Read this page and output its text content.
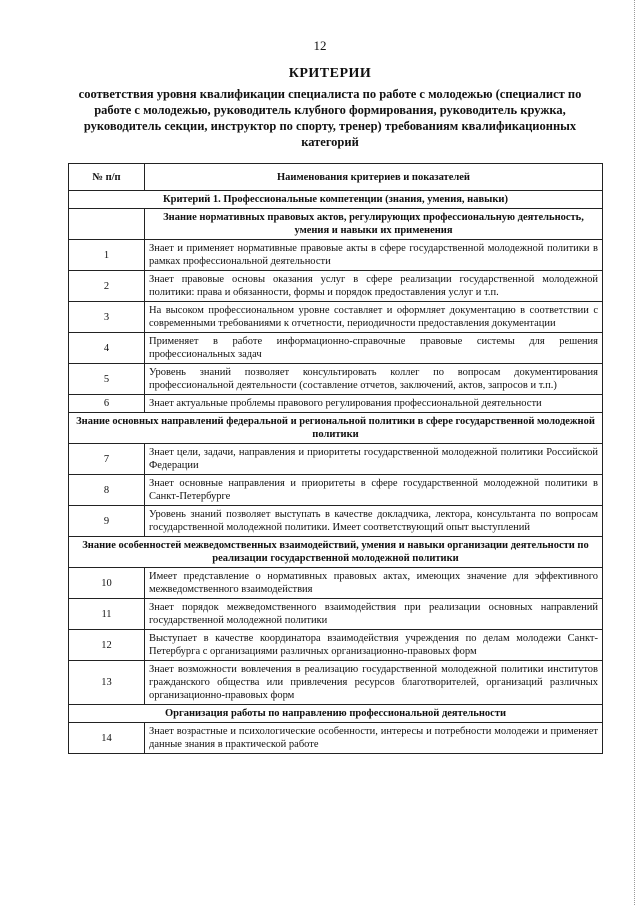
12
КРИТЕРИИ
соответствия уровня квалификации специалиста по работе с молодежью (специалист по работе с молодежью, руководитель клубного формирования, руководитель кружка, руководитель секции, инструктор по спорту, тренер) требованиям квалификационных категорий
№ п/п	Наименования критериев и показателей
Критерий 1. Профессиональные компетенции (знания, умения, навыки)	
	Знание нормативных правовых актов, регулирующих профессиональную деятельность, умения и навыки их применения
1	Знает и применяет нормативные правовые акты в сфере государственной молодежной политики в рамках профессиональной деятельности
2	Знает правовые основы оказания услуг в сфере реализации государственной молодежной политики: права и обязанности, формы и порядок предоставления услуг и т.п.
3	На высоком профессиональном уровне составляет и оформляет документацию в соответствии с современными требованиями к отчетности, периодичности предоставления документации
4	Применяет в работе информационно-справочные правовые системы для решения профессиональных задач
5	Уровень знаний позволяет консультировать коллег по вопросам документирования профессиональной деятельности (составление отчетов, заключений, актов, запросов и т.п.)
6	Знает актуальные проблемы правового регулирования профессиональной деятельности
Знание основных направлений федеральной и региональной политики в сфере государственной молодежной политики	
7	Знает цели, задачи, направления и приоритеты государственной молодежной политики Российской Федерации
8	Знает основные направления и приоритеты в сфере государственной молодежной политики в Санкт-Петербурге
9	Уровень знаний позволяет выступать в качестве докладчика, лектора, консультанта по вопросам государственной молодежной политики. Имеет соответствующий опыт выступлений
Знание особенностей межведомственных взаимодействий, умения и навыки организации деятельности по реализации государственной молодежной политики	
10	Имеет представление о нормативных правовых актах, имеющих значение для эффективного межведомственного взаимодействия
11	Знает порядок межведомственного взаимодействия при реализации основных направлений государственной молодежной политики
12	Выступает в качестве координатора взаимодействия учреждения по делам молодежи Санкт-Петербурга с организациями различных организационно-правовых форм
13	Знает возможности вовлечения в реализацию государственной молодежной политики институтов гражданского общества или привлечения ресурсов благотворителей, организаций различных организационно-правовых форм
Организация работы по направлению профессиональной деятельности	
14	Знает возрастные и психологические особенности, интересы и потребности молодежи и применяет данные знания в практической работе
